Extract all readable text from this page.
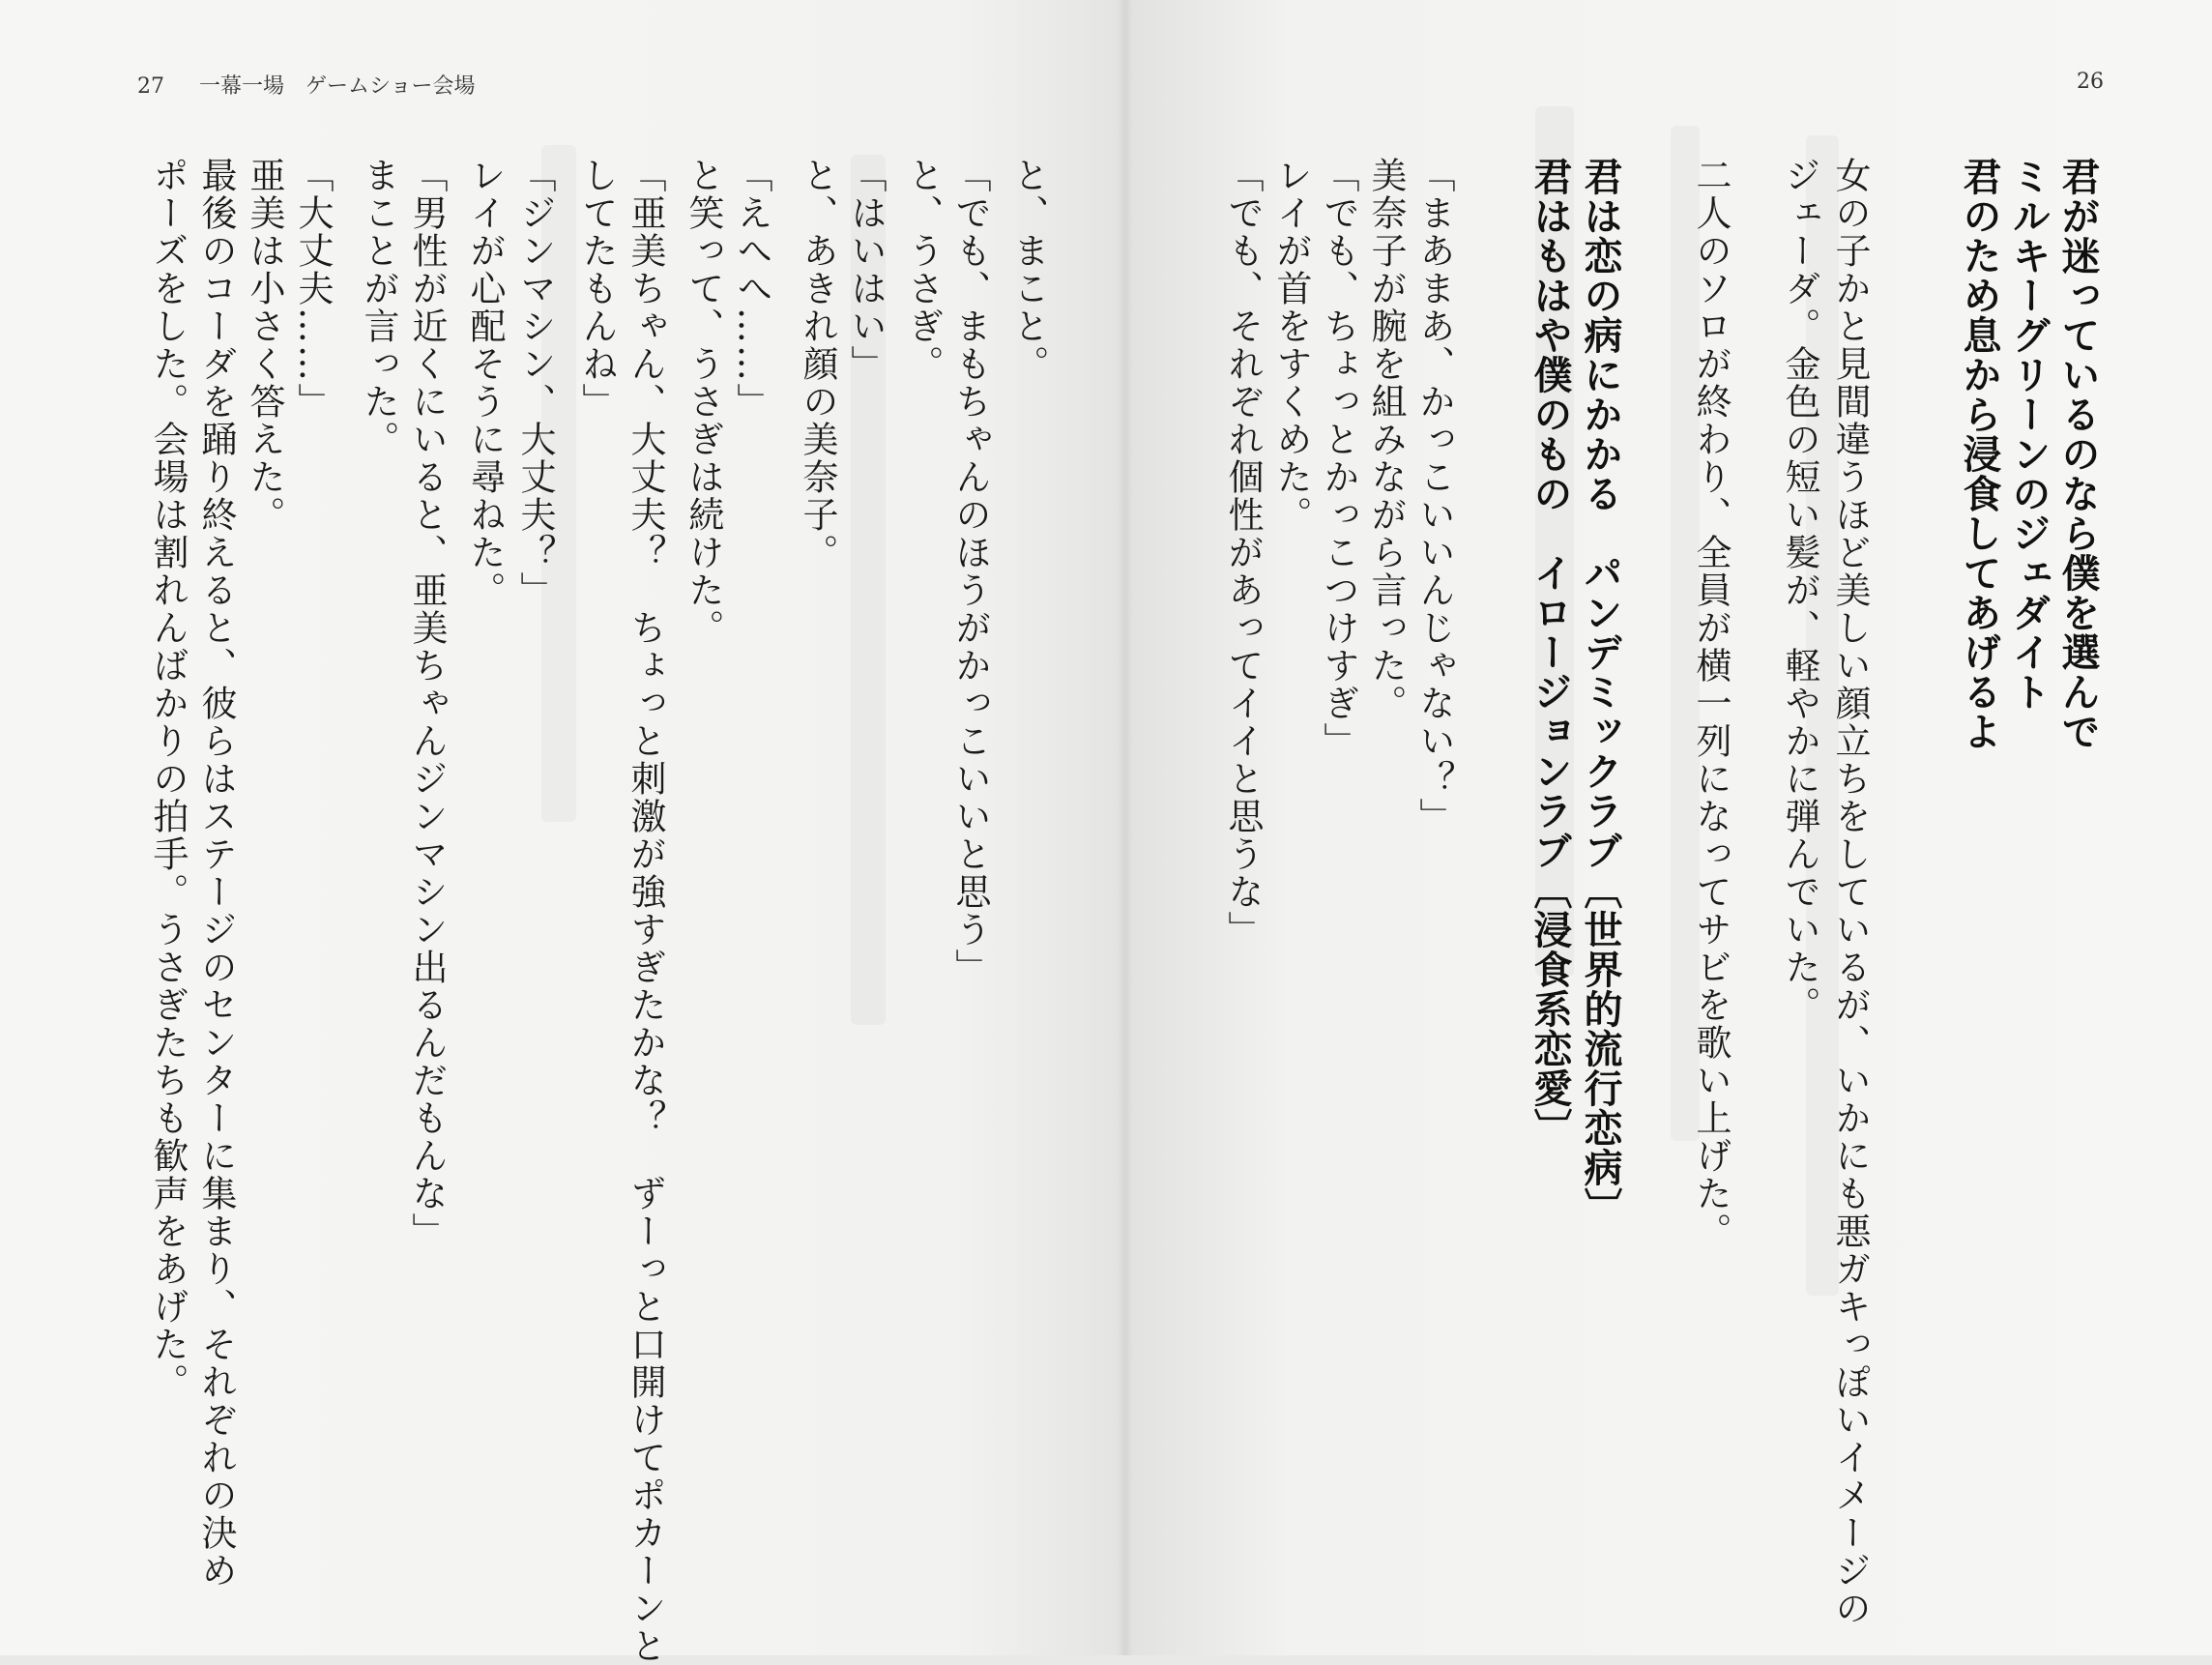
27 一幕一場　ゲームショー会場	26
君が迷っているのなら僕を選んで
ミルキーグリーンのジェダイト
君のため息から浸食してあげるよ
女の子かと見間違うほど美しい顔立ちをしているが、いかにも悪ガキっぽいイメージの
ジェーダ。金色の短い髪が、軽やかに弾んでいた。
二人のソロが終わり、全員が横一列になってサビを歌い上げた。
君は恋の病にかかる　パンデミックラブ〔世界的流行恋病〕
君はもはや僕のもの　イロージョンラブ〔浸食系恋愛〕
「まあまあ、かっこいいんじゃない？」
美奈子が腕を組みながら言った。
「でも、ちょっとかっこつけすぎ」
レイが首をすくめた。
「でも、それぞれ個性があってイイと思うな」
と、まこと。
「でも、まもちゃんのほうがかっこいいと思う」
と、うさぎ。
「はいはい」
と、あきれ顔の美奈子。
「えへへ……」
と笑って、うさぎは続けた。
「亜美ちゃん、大丈夫？　ちょっと刺激が強すぎたかな？　ずーっと口開けてポカーンと
してたもんね」
「ジンマシン、大丈夫？」
レイが心配そうに尋ねた。
「男性が近くにいると、亜美ちゃんジンマシン出るんだもんな」
まことが言った。
「大丈夫……」
亜美は小さく答えた。
最後のコーダを踊り終えると、彼らはステージのセンターに集まり、それぞれの決め
ポーズをした。会場は割れんばかりの拍手。うさぎたちも歓声をあげた。
